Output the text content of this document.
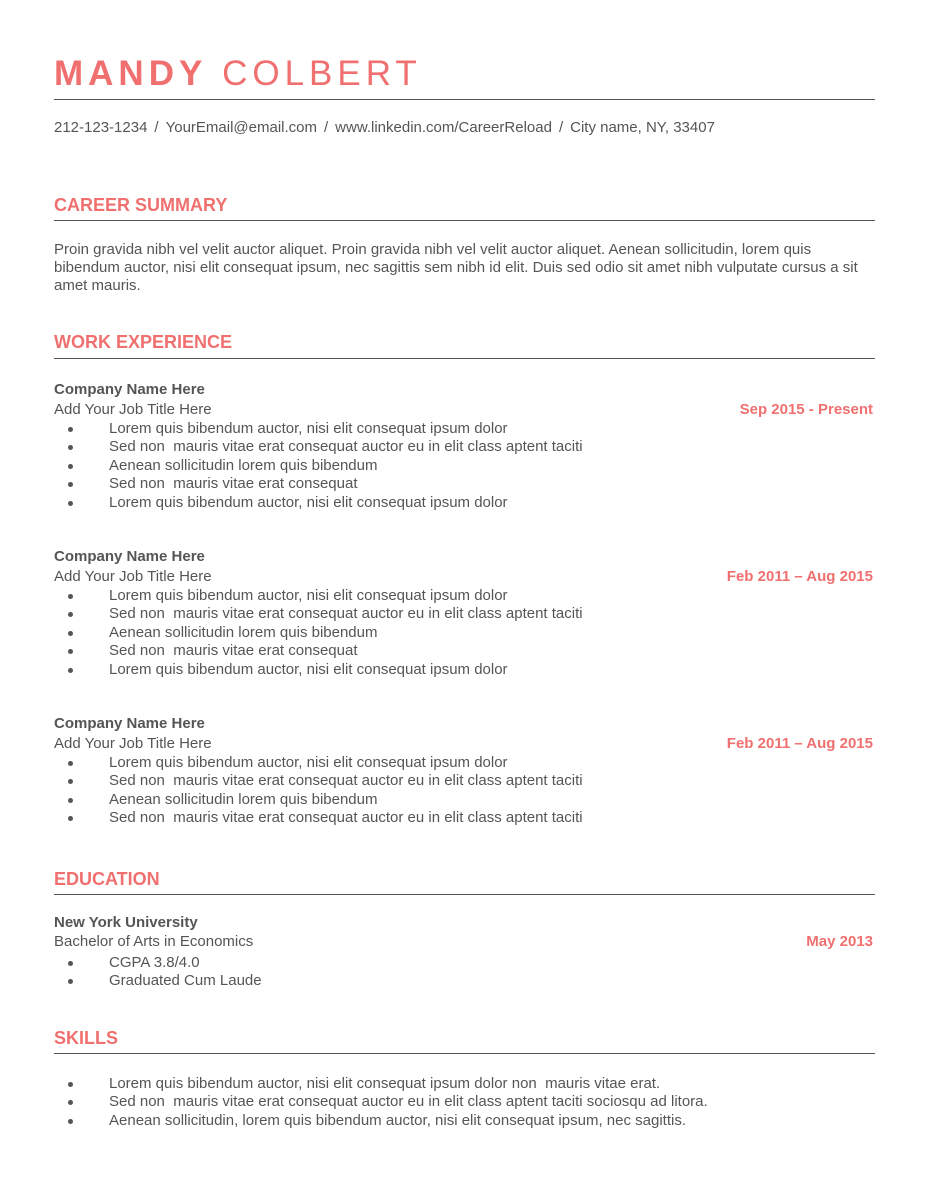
MANDY COLBERT
212-123-1234 / YourEmail@email.com / www.linkedin.com/CareerReload / City name, NY, 33407
CAREER SUMMARY
Proin gravida nibh vel velit auctor aliquet. Proin gravida nibh vel velit auctor aliquet. Aenean sollicitudin, lorem quis bibendum auctor, nisi elit consequat ipsum, nec sagittis sem nibh id elit. Duis sed odio sit amet nibh vulputate cursus a sit amet mauris.
WORK EXPERIENCE
Company Name Here
Add Your Job Title Here	Sep 2015 - Present
Lorem quis bibendum auctor, nisi elit consequat ipsum dolor
Sed non  mauris vitae erat consequat auctor eu in elit class aptent taciti
Aenean sollicitudin lorem quis bibendum
Sed non  mauris vitae erat consequat
Lorem quis bibendum auctor, nisi elit consequat ipsum dolor
Company Name Here
Add Your Job Title Here	Feb 2011 – Aug 2015
Lorem quis bibendum auctor, nisi elit consequat ipsum dolor
Sed non  mauris vitae erat consequat auctor eu in elit class aptent taciti
Aenean sollicitudin lorem quis bibendum
Sed non  mauris vitae erat consequat
Lorem quis bibendum auctor, nisi elit consequat ipsum dolor
Company Name Here
Add Your Job Title Here	Feb 2011 – Aug 2015
Lorem quis bibendum auctor, nisi elit consequat ipsum dolor
Sed non  mauris vitae erat consequat auctor eu in elit class aptent taciti
Aenean sollicitudin lorem quis bibendum
Sed non  mauris vitae erat consequat auctor eu in elit class aptent taciti
EDUCATION
New York University
Bachelor of Arts in Economics	May 2013
CGPA 3.8/4.0
Graduated Cum Laude
SKILLS
Lorem quis bibendum auctor, nisi elit consequat ipsum dolor non  mauris vitae erat.
Sed non  mauris vitae erat consequat auctor eu in elit class aptent taciti sociosqu ad litora.
Aenean sollicitudin, lorem quis bibendum auctor, nisi elit consequat ipsum, nec sagittis.
